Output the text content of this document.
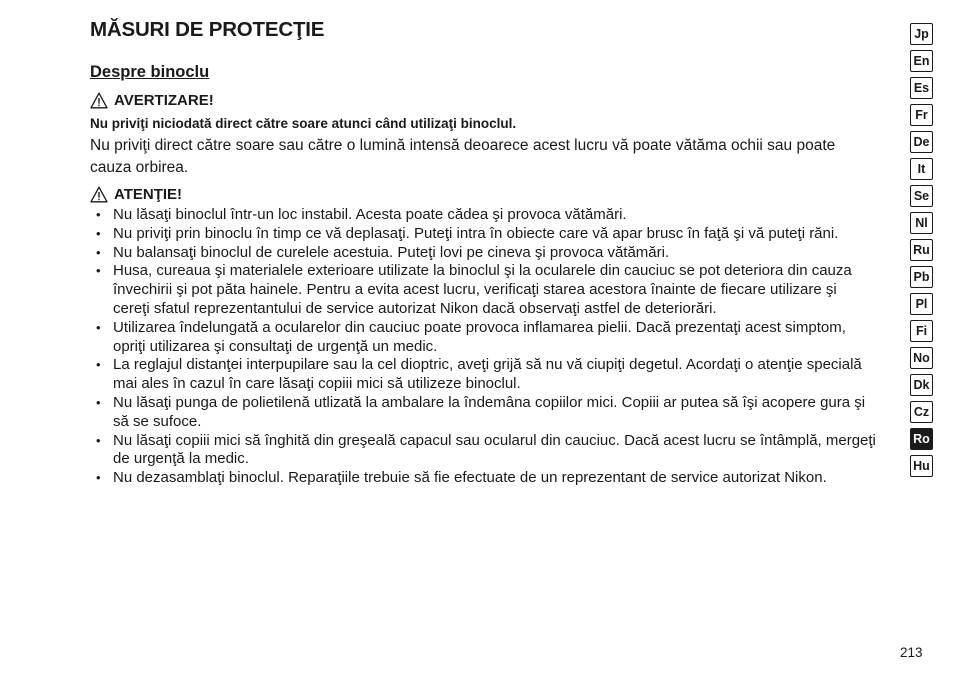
MĂSURI DE PROTECŢIE
Despre binoclu
AVERTIZARE!
Nu priviţi niciodată direct către soare atunci când utilizaţi binoclul.

Nu priviţi direct către soare sau către o lumină intensă deoarece acest lucru vă poate vătăma ochii sau poate cauza orbirea.

ATENŢIE!
• Nu lăsaţi binoclul într-un loc instabil. Acesta poate cădea şi provoca vătămări.
• Nu priviţi prin binoclu în timp ce vă deplasaţi. Puteţi intra în obiecte care vă apar brusc în faţă şi vă puteţi răni.
• Nu balansaţi binoclul de curelele acestuia. Puteţi lovi pe cineva şi provoca vătămări.
• Husa, cureaua şi materialele exterioare utilizate la binoclul şi la ocularele din cauciuc se pot deteriora din cauza învechirii şi pot păta hainele. Pentru a evita acest lucru, verificaţi starea acestora înainte de fiecare utilizare şi cereţi sfatul reprezentantului de service autorizat Nikon dacă observaţi astfel de deteriorări.
• Utilizarea îndelungată a ocularelor din cauciuc poate provoca inflamarea pielii. Dacă prezentaţi acest simptom, opriţi utilizarea şi consultaţi de urgenţă un medic.
• La reglajul distanţei interpupilare sau la cel dioptric, aveţi grijă să nu vă ciupiţi degetul. Acordaţi o atenţie specială mai ales în cazul în care lăsaţi copiii mici să utilizeze binoclul.
• Nu lăsaţi punga de polietilenă utlizată la ambalare la îndemâna copiilor mici. Copiii ar putea să îşi acopere gura şi să se sufoce.
• Nu lăsaţi copiii mici să înghită din greşeală capacul sau ocularul din cauciuc. Dacă acest lucru se întâmplă, mergeţi de urgenţă la medic.
• Nu dezasamblaţi binoclul. Reparaţiile trebuie să fie efectuate de un reprezentant de service autorizat Nikon.
Jp
En
Es
Fr
De
It
Se
Nl
Ru
Pb
Pl
Fi
No
Dk
Cz
Ro
Hu
213
